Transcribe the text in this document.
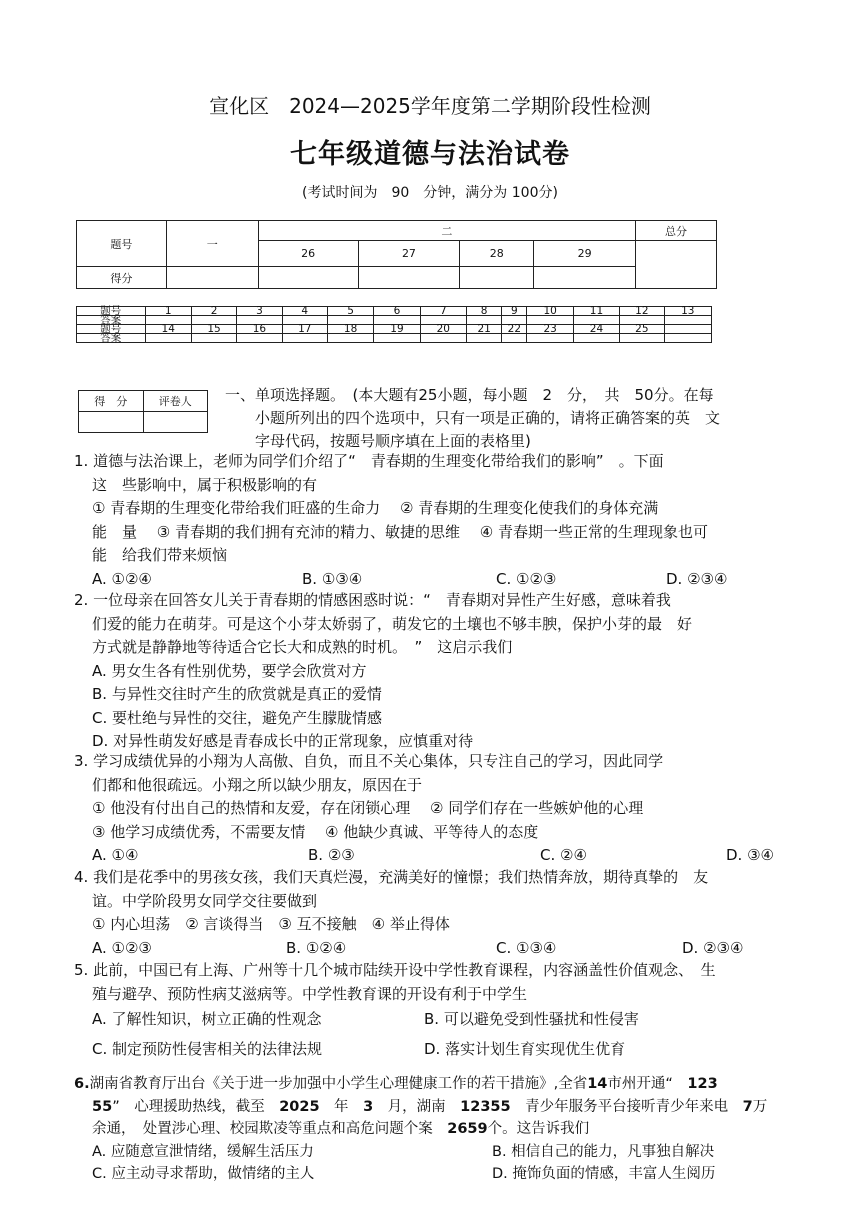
宣化区　2024—2025学年度第二学期阶段性检测
七年级道德与法治试卷
(考试时间为　90　分钟，满分为 100分)
题号	一	二				总分
		26	27	28	29	
得分						
题号	1	2	3	4	5	6	7	8	9	10	11	12	13
答案													
题号	14	15	16	17	18	19	20	21	22	23	24	25	
答案													
得　分	评卷人
	一、单项选择题。　(本大题有25小题，每小题　2　分，　共　50分。在每
小题所列出的四个选项中，只有一项是正确的，请将正确答案的英　文
字母代码，按题号顺序填在上面的表格里)

1. 道德与法治课上，老师为同学们介绍了“　青春期的生理变化带给我们的影响”　。下面

这　些影响中，属于积极影响的有

① 青春期的生理变化带给我们旺盛的生命力　 ② 青春期的生理变化使我们的身体充满

能　量　 ③ 青春期的我们拥有充沛的精力、敏捷的思维　 ④ 青春期一些正常的生理现象也可

能　给我们带来烦恼

A. ①②④	B. ①③④	C. ①②③	D. ②③④

2. 一位母亲在回答女儿关于青春期的情感困惑时说：“　青春期对异性产生好感，意味着我

们爱的能力在萌芽。可是这个小芽太娇弱了，萌发它的土壤也不够丰腴，保护小芽的最　好

方式就是静静地等待适合它长大和成熟的时机。　”　这启示我们

A. 男女生各有性别优势，要学会欣赏对方

B. 与异性交往时产生的欣赏就是真正的爱情

C. 要杜绝与异性的交往，避免产生朦胧情感

D. 对异性萌发好感是青春成长中的正常现象，应慎重对待

3. 学习成绩优异的小翔为人高傲、自负，而且不关心集体，只专注自己的学习，因此同学

们都和他很疏远。小翔之所以缺少朋友，原因在于

① 他没有付出自己的热情和友爱，存在闭锁心理　 ② 同学们存在一些嫉妒他的心理

③ 他学习成绩优秀，不需要友情　 ④ 他缺少真诚、平等待人的态度

A. ①④	B. ②③	C. ②④	D. ③④

4. 我们是花季中的男孩女孩，我们天真烂漫，充满美好的憧憬；我们热情奔放，期待真挚的　友

谊。中学阶段男女同学交往要做到

① 内心坦荡　② 言谈得当　③ 互不接触　④ 举止得体

A. ①②③	B. ①②④	C. ①③④	D. ②③④

5. 此前，中国已有上海、广州等十几个城市陆续开设中学性教育课程，内容涵盖性价值观念、　生

殖与避孕、预防性病艾滋病等。中学性教育课的开设有利于中学生

A. 了解性知识，树立正确的性观念	B. 可以避免受到性骚扰和性侵害
C. 制定预防性侵害相关的法律法规	D. 落实计划生育实现优生优育

6.湖南省教育厅出台《关于进一步加强中小学生心理健康工作的若干措施》,全省14市州开通“　123

55”　心理援助热线，截至　2025　年　3　月，湖南　12355　青少年服务平台接听青少年来电　7万

余通，　处置涉心理、校园欺凌等重点和高危问题个案　2659个。这告诉我们

A. 应随意宣泄情绪，缓解生活压力	B. 相信自己的能力，凡事独自解决
C. 应主动寻求帮助，做情绪的主人	D. 掩饰负面的情感，丰富人生阅历
